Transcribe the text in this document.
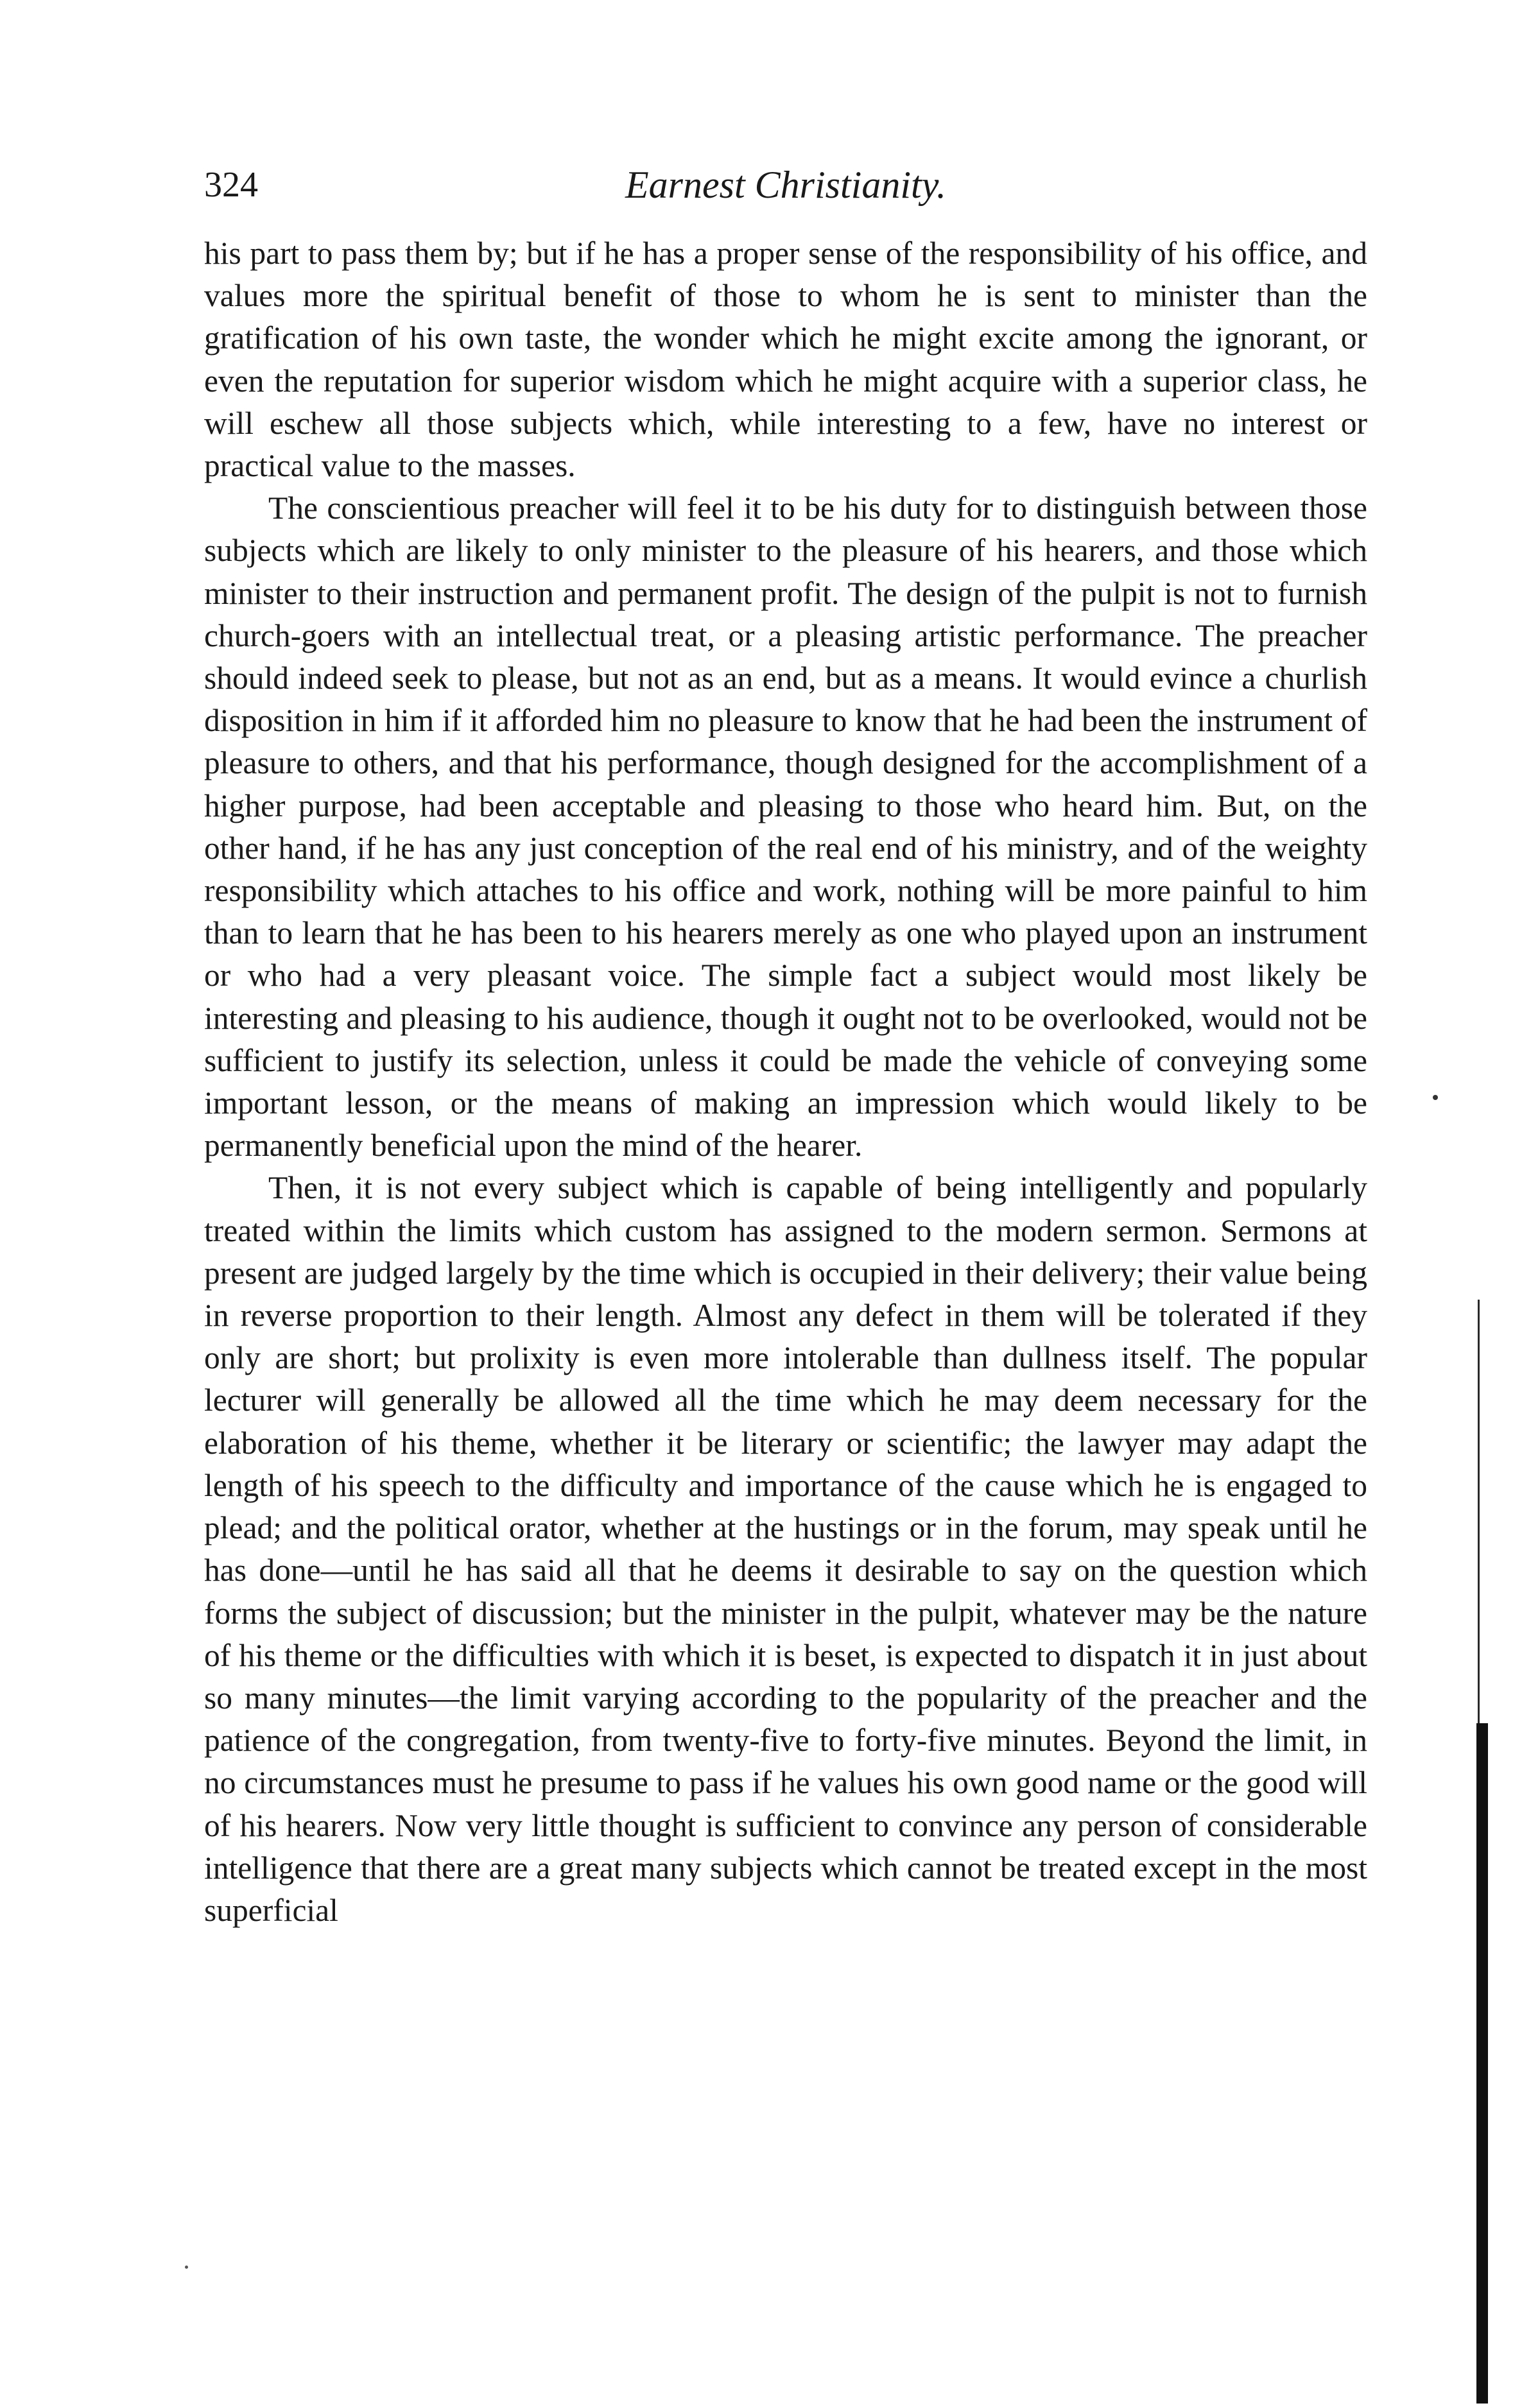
324	Earnest Christianity.

his part to pass them by; but if he has a proper sense of the responsibility of his office, and values more the spiritual benefit of those to whom he is sent to minister than the gratification of his own taste, the wonder which he might excite among the ignorant, or even the reputation for superior wisdom which he might acquire with a superior class, he will eschew all those subjects which, while interesting to a few, have no interest or practical value to the masses.

The conscientious preacher will feel it to be his duty for to distinguish between those subjects which are likely to only minister to the pleasure of his hearers, and those which minister to their instruction and permanent profit. The design of the pulpit is not to furnish church-goers with an intellectual treat, or a pleasing artistic performance. The preacher should indeed seek to please, but not as an end, but as a means. It would evince a churlish disposition in him if it afforded him no pleasure to know that he had been the instrument of pleasure to others, and that his performance, though designed for the accomplishment of a higher purpose, had been acceptable and pleasing to those who heard him. But, on the other hand, if he has any just conception of the real end of his ministry, and of the weighty responsibility which attaches to his office and work, nothing will be more painful to him than to learn that he has been to his hearers merely as one who played upon an instrument or who had a very pleasant voice. The simple fact a subject would most likely be interesting and pleasing to his audience, though it ought not to be overlooked, would not be sufficient to justify its selection, unless it could be made the vehicle of conveying some important lesson, or the means of making an impression which would likely to be permanently beneficial upon the mind of the hearer.

Then, it is not every subject which is capable of being intelligently and popularly treated within the limits which custom has assigned to the modern sermon. Sermons at present are judged largely by the time which is occupied in their delivery; their value being in reverse proportion to their length. Almost any defect in them will be tolerated if they only are short; but prolixity is even more intolerable than dullness itself. The popular lecturer will generally be allowed all the time which he may deem necessary for the elaboration of his theme, whether it be literary or scientific; the lawyer may adapt the length of his speech to the difficulty and importance of the cause which he is engaged to plead; and the political orator, whether at the hustings or in the forum, may speak until he has done—until he has said all that he deems it desirable to say on the question which forms the subject of discussion; but the minister in the pulpit, whatever may be the nature of his theme or the difficulties with which it is beset, is expected to dispatch it in just about so many minutes—the limit varying according to the popularity of the preacher and the patience of the congregation, from twenty-five to forty-five minutes. Beyond the limit, in no circumstances must he presume to pass if he values his own good name or the good will of his hearers. Now very little thought is sufficient to convince any person of considerable intelligence that there are a great many subjects which cannot be treated except in the most superficial
